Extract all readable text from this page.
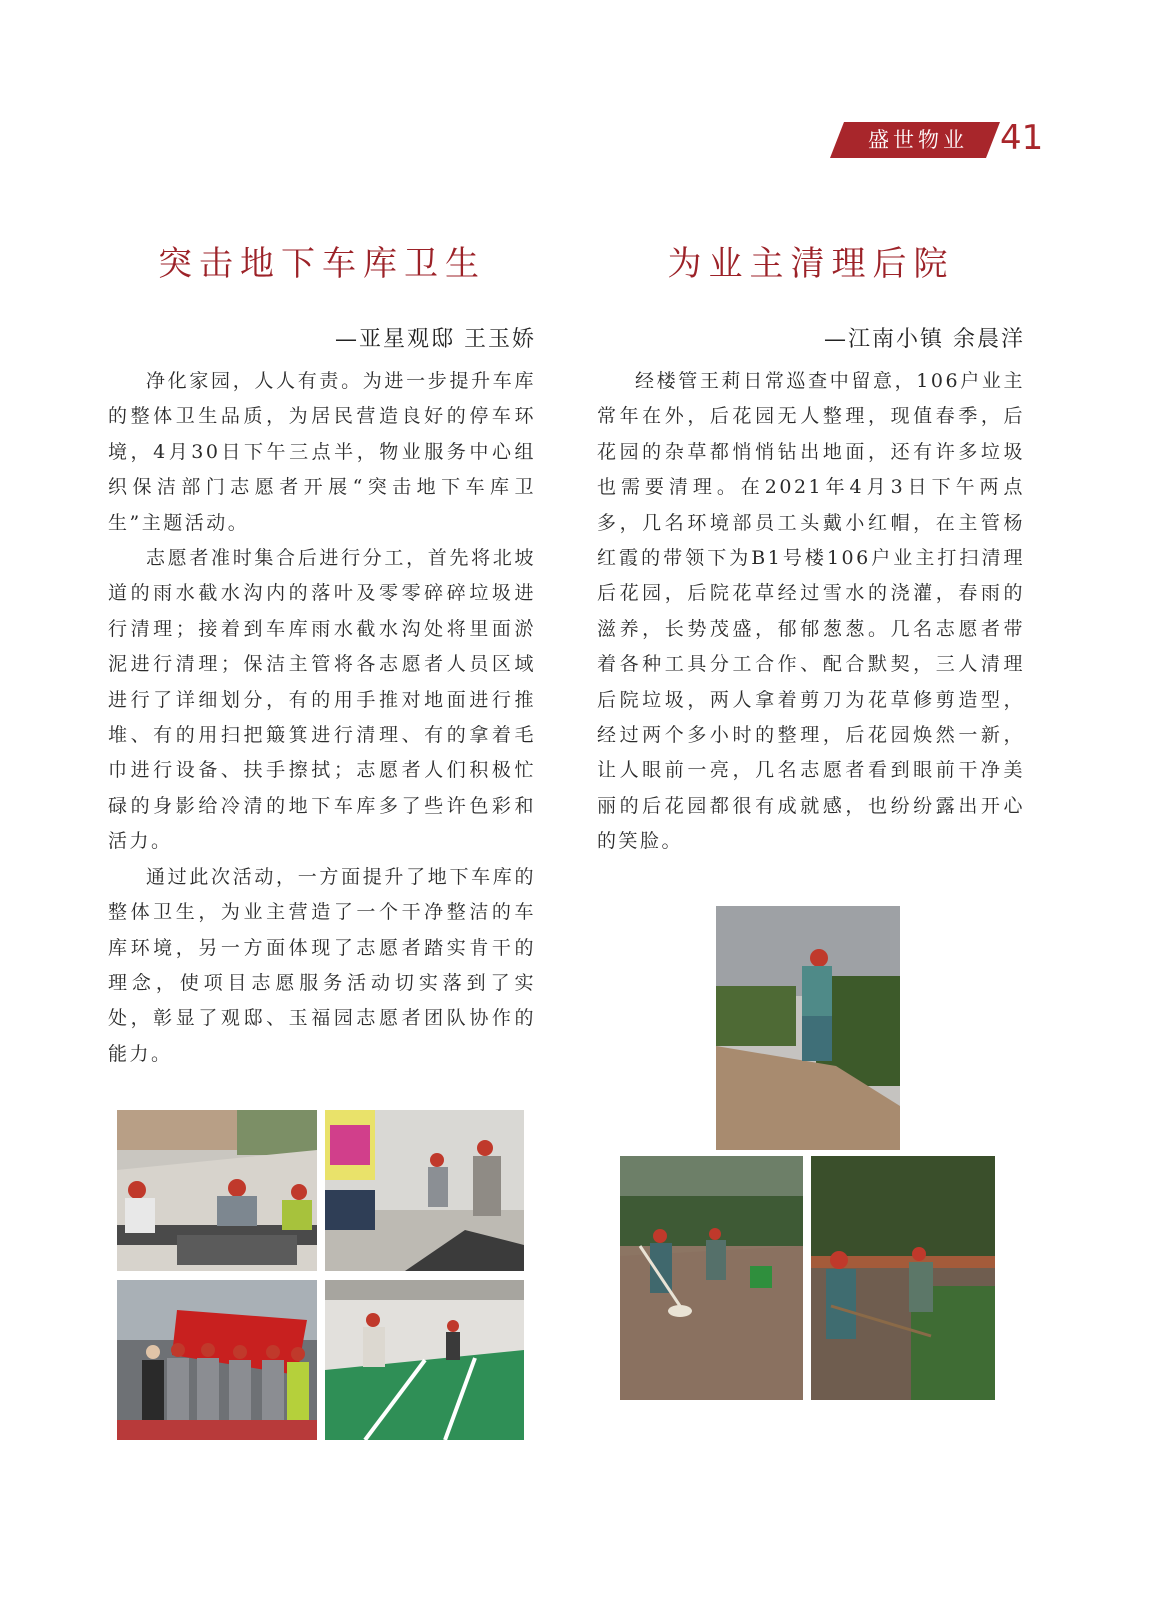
盛世物业 41
突击地下车库卫生
—亚星观邸 王玉娇

净化家园，人人有责。为进一步提升车库的整体卫生品质，为居民营造良好的停车环境，4月30日下午三点半，物业服务中心组织保洁部门志愿者开展“突击地下车库卫生”主题活动。

志愿者准时集合后进行分工，首先将北坡道的雨水截水沟内的落叶及零零碎碎垃圾进行清理；接着到车库雨水截水沟处将里面淤泥进行清理；保洁主管将各志愿者人员区域进行了详细划分，有的用手推对地面进行推堆、有的用扫把簸箕进行清理、有的拿着毛巾进行设备、扶手擦拭；志愿者人们积极忙碌的身影给冷清的地下车库多了些许色彩和活力。

通过此次活动，一方面提升了地下车库的整体卫生，为业主营造了一个干净整洁的车库环境，另一方面体现了志愿者踏实肯干的理念，使项目志愿服务活动切实落到了实处，彰显了观邸、玉福园志愿者团队协作的能力。

为业主清理后院
—江南小镇 余晨洋

经楼管王莉日常巡查中留意，106户业主常年在外，后花园无人整理，现值春季，后花园的杂草都悄悄钻出地面，还有许多垃圾也需要清理。在2021年4月3日下午两点多，几名环境部员工头戴小红帽，在主管杨红霞的带领下为B1号楼106户业主打扫清理后花园，后院花草经过雪水的浇灌，春雨的滋养，长势茂盛，郁郁葱葱。几名志愿者带着各种工具分工合作、配合默契，三人清理后院垃圾，两人拿着剪刀为花草修剪造型，经过两个多小时的整理，后花园焕然一新，让人眼前一亮，几名志愿者看到眼前干净美丽的后花园都很有成就感，也纷纷露出开心的笑脸。
